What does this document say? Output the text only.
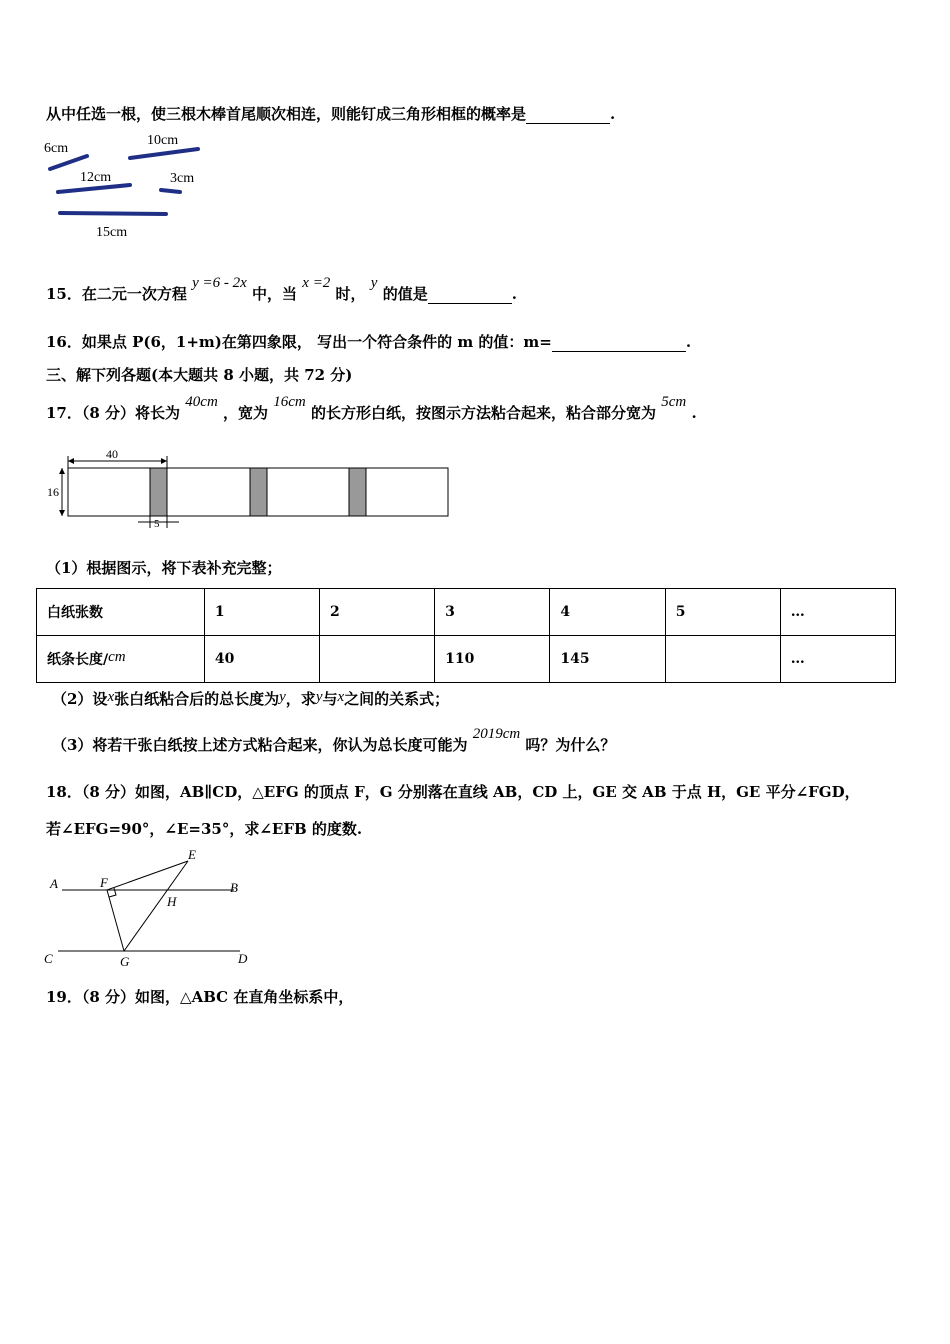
从中任选一根，使三根木棒首尾顺次相连，则能钉成三角形相框的概率是	.
6cm
10cm
12cm	3cm
15cm
15．在二元一次方程 y =6 - 2x 中，当 x =2 时， y 的值是	.
16．如果点 P(6，1+m)在第四象限， 写出一个符合条件的 m 的值：m=	.
三、解下列各题(本大题共 8 小题，共 72 分)
17．（8 分）将长为 40cm ，宽为 16cm 的长方形白纸，按图示方法粘合起来，粘合部分宽为 5cm .
40
16
5
（1）根据图示，将下表补充完整；
白纸张数	1	2	3	4	5	…
纸条长度/cm	40		110	145		…
（2）设x张白纸粘合后的总长度为y，求y与x之间的关系式；
（3）将若干张白纸按上述方式粘合起来，你认为总长度可能为 2019cm 吗？为什么？
18．（8 分）如图，AB∥CD，△EFG 的顶点 F，G 分别落在直线 AB，CD 上，GE 交 AB 于点 H，GE 平分∠FGD，
若∠EFG=90°，∠E=35°，求∠EFB 的度数.
A	B
C	D
E
F
G
H
19．（8 分）如图，△ABC 在直角坐标系中，
